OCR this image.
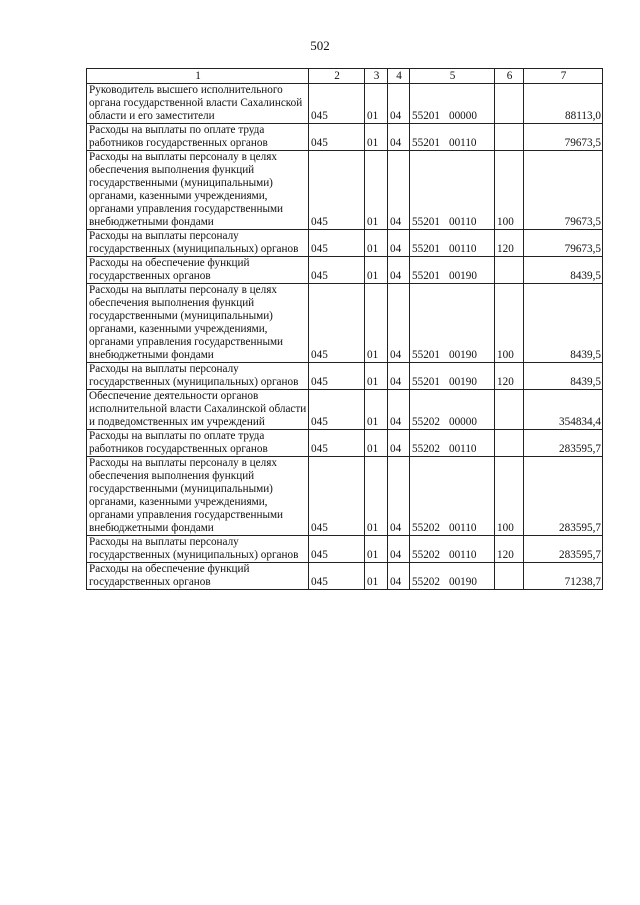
502
1	2	3	4	5	6	7
Руководитель высшего исполнительного органа государственной власти Сахалинской области и его заместители	045	01	04	55201 00000		88113,0
Расходы на выплаты по оплате труда работников государственных органов	045	01	04	55201 00110		79673,5
Расходы на выплаты персоналу в целях обеспечения выполнения функций государственными (муниципальными) органами, казенными учреждениями, органами управления государственными внебюджетными фондами	045	01	04	55201 00110	100	79673,5
Расходы на выплаты персоналу государственных (муниципальных) органов	045	01	04	55201 00110	120	79673,5
Расходы на обеспечение функций государственных органов	045	01	04	55201 00190		8439,5
Расходы на выплаты персоналу в целях обеспечения выполнения функций государственными (муниципальными) органами, казенными учреждениями, органами управления государственными внебюджетными фондами	045	01	04	55201 00190	100	8439,5
Расходы на выплаты персоналу государственных (муниципальных) органов	045	01	04	55201 00190	120	8439,5
Обеспечение деятельности органов исполнительной власти Сахалинской области и подведомственных им учреждений	045	01	04	55202 00000		354834,4
Расходы на выплаты по оплате труда работников государственных органов	045	01	04	55202 00110		283595,7
Расходы на выплаты персоналу в целях обеспечения выполнения функций государственными (муниципальными) органами, казенными учреждениями, органами управления государственными внебюджетными фондами	045	01	04	55202 00110	100	283595,7
Расходы на выплаты персоналу государственных (муниципальных) органов	045	01	04	55202 00110	120	283595,7
Расходы на обеспечение функций государственных органов	045	01	04	55202 00190		71238,7
